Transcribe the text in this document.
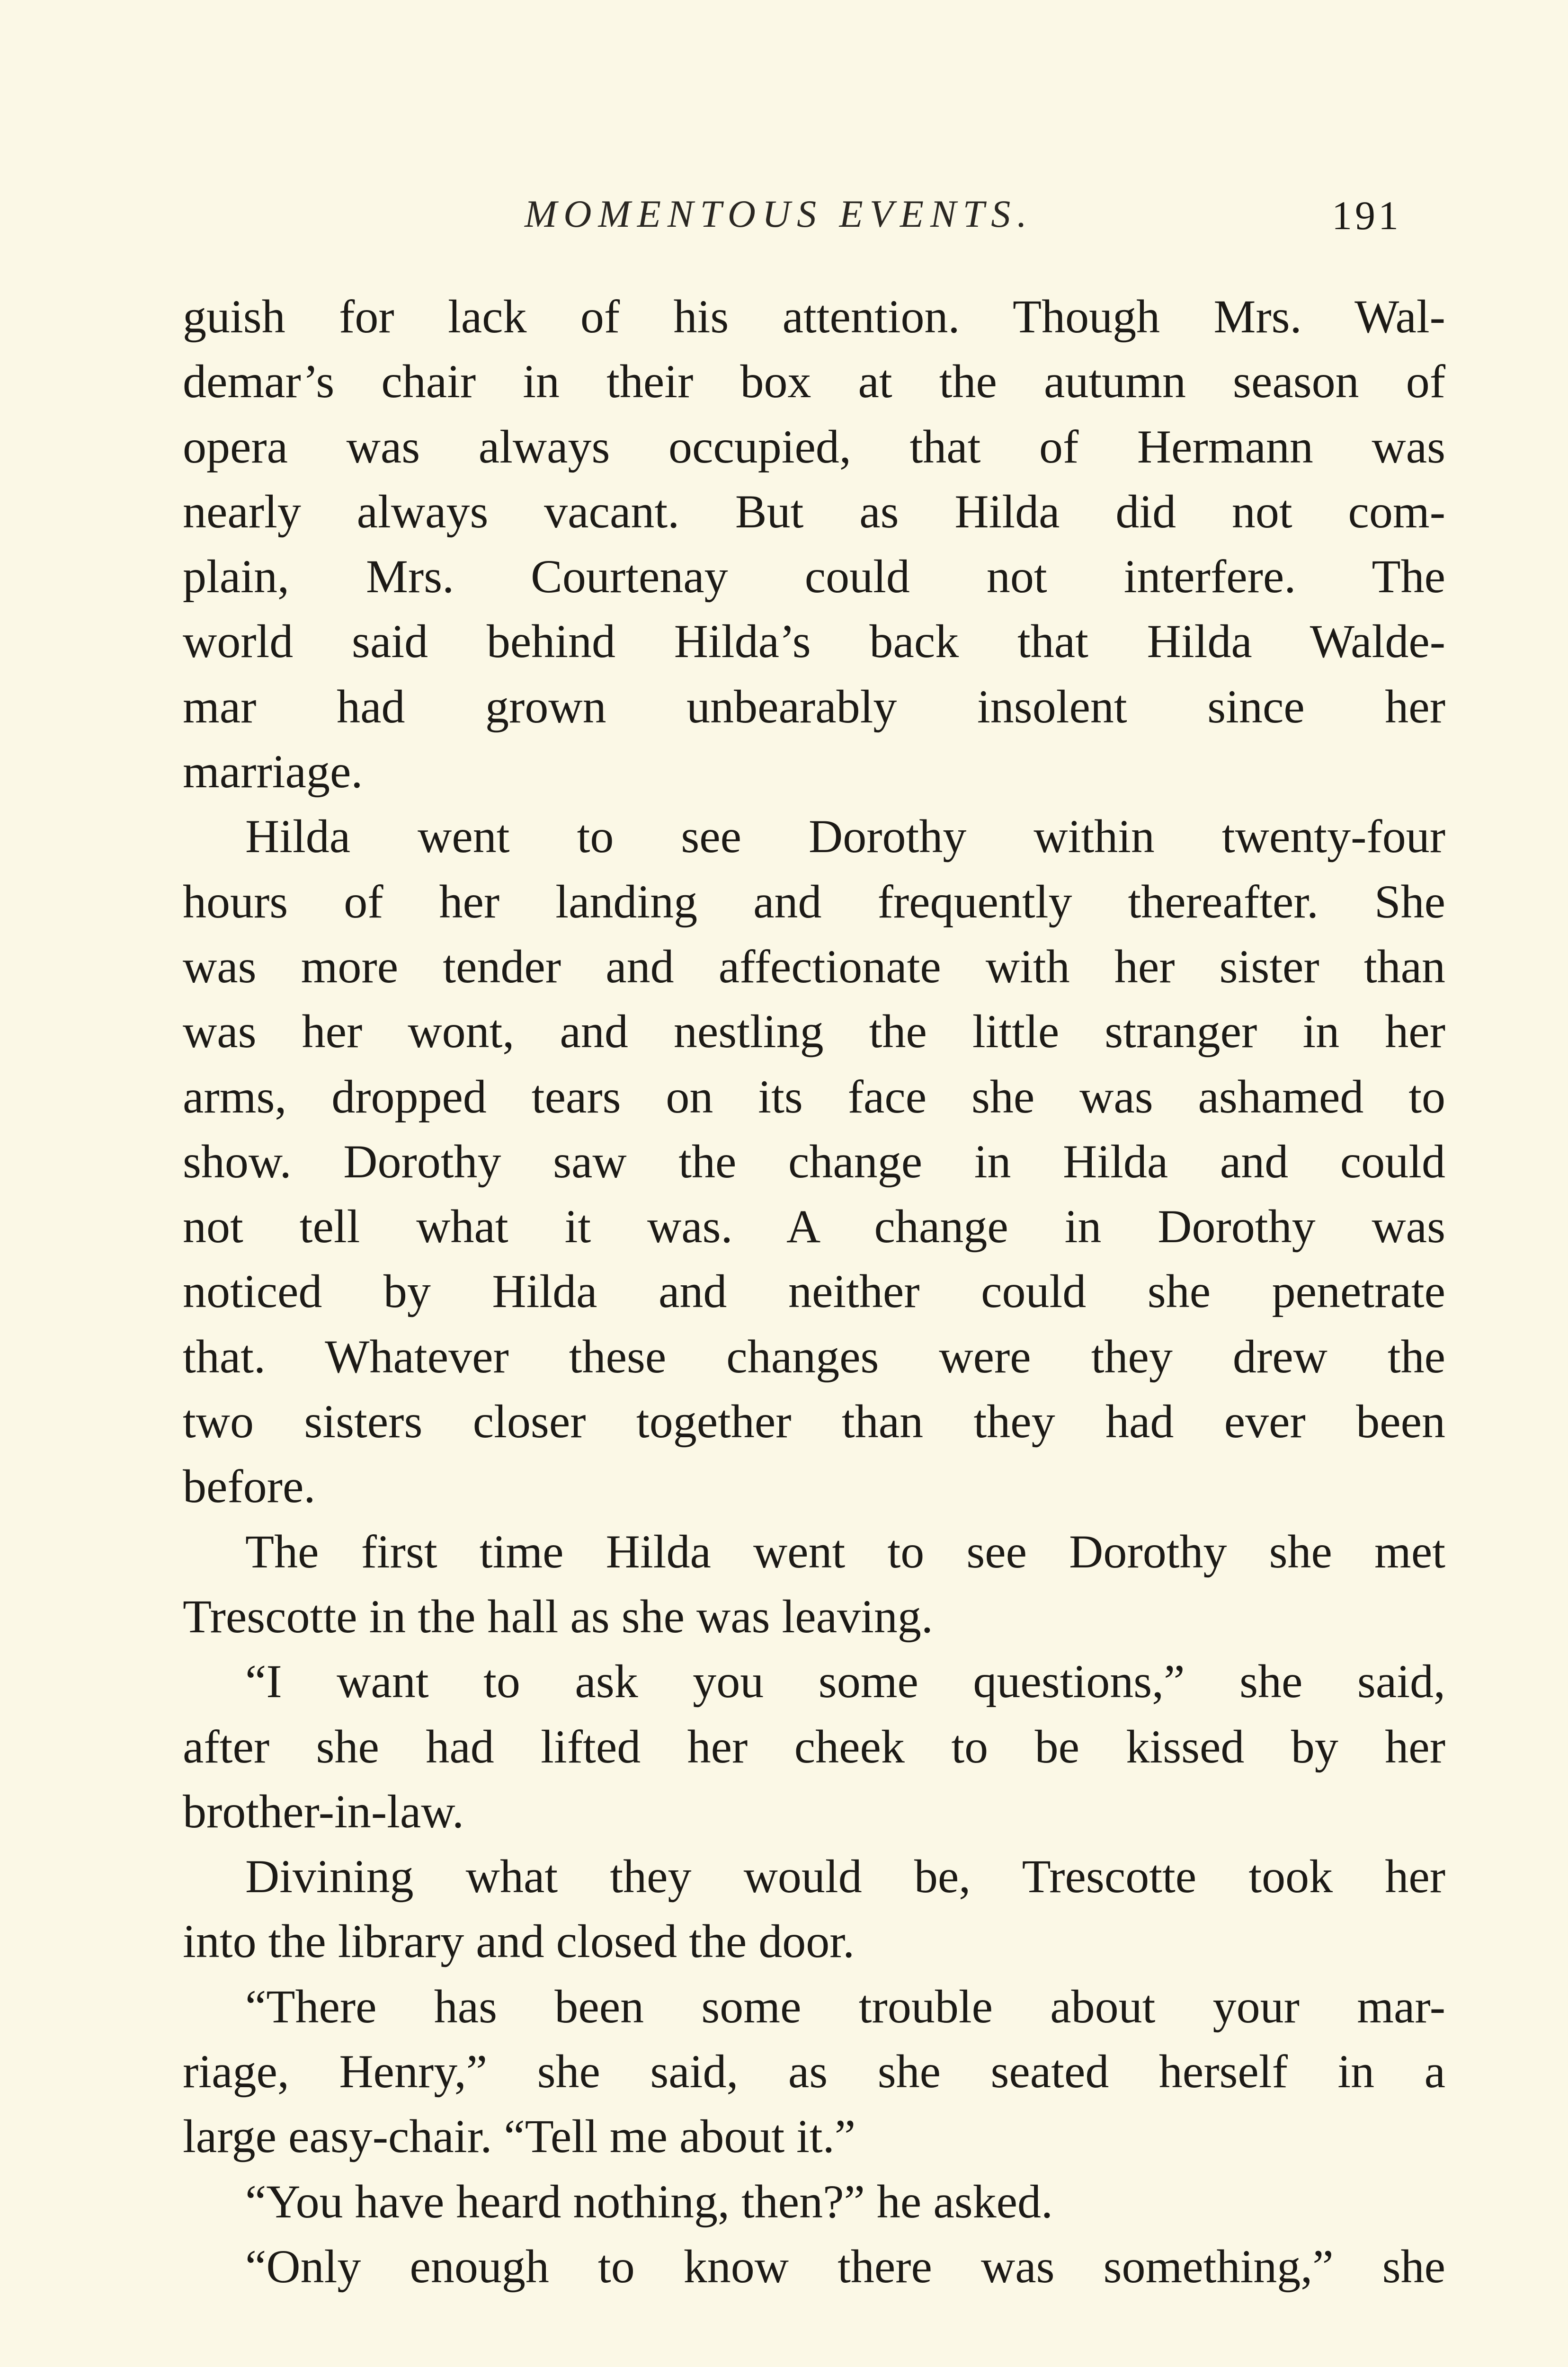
MOMENTOUS EVENTS.	191
guish for lack of his attention. Though Mrs. Wal-
demar’s chair in their box at the autumn season of
opera was always occupied, that of Hermann was
nearly always vacant. But as Hilda did not com-
plain, Mrs. Courtenay could not interfere. The
world said behind Hilda’s back that Hilda Walde-
mar had grown unbearably insolent since her
marriage.
Hilda went to see Dorothy within twenty-four
hours of her landing and frequently thereafter. She
was more tender and affectionate with her sister than
was her wont, and nestling the little stranger in her
arms, dropped tears on its face she was ashamed to
show. Dorothy saw the change in Hilda and could
not tell what it was. A change in Dorothy was
noticed by Hilda and neither could she penetrate
that. Whatever these changes were they drew the
two sisters closer together than they had ever been
before.
The first time Hilda went to see Dorothy she met
Trescotte in the hall as she was leaving.
“I want to ask you some questions,” she said,
after she had lifted her cheek to be kissed by her
brother-in-law.
Divining what they would be, Trescotte took her
into the library and closed the door.
“There has been some trouble about your mar-
riage, Henry,” she said, as she seated herself in a
large easy-chair. “Tell me about it.”
“You have heard nothing, then?” he asked.
“Only enough to know there was something,” she
